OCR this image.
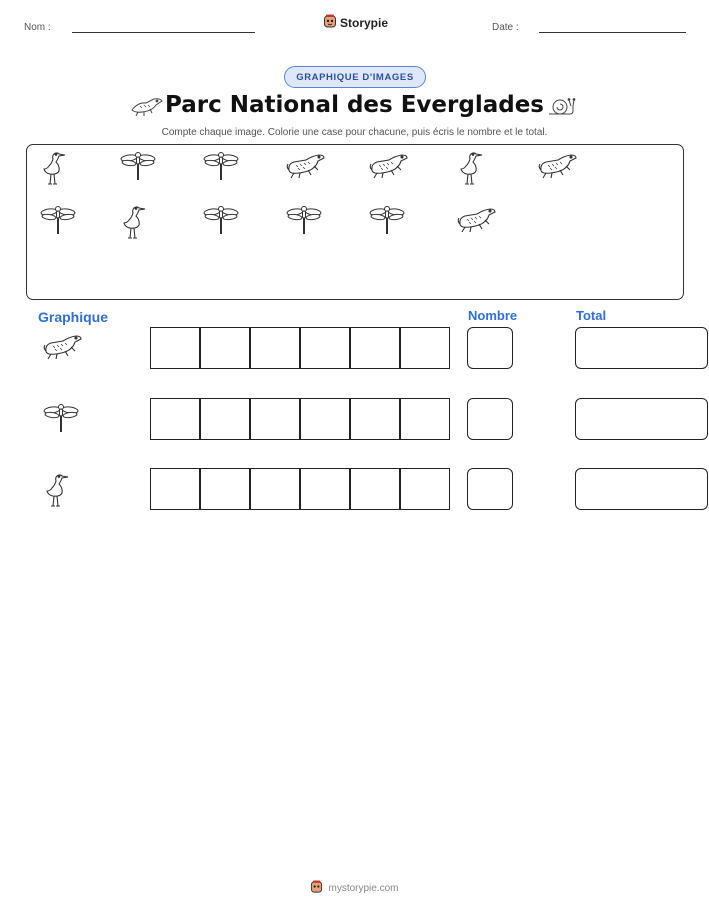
Nom :	Storypie	Date :
GRAPHIQUE D'IMAGES
Parc National des Everglades
Compte chaque image. Colorie une case pour chacune, puis écris le nombre et le total.
Graphique	Nombre	Total
mystorypie.com
